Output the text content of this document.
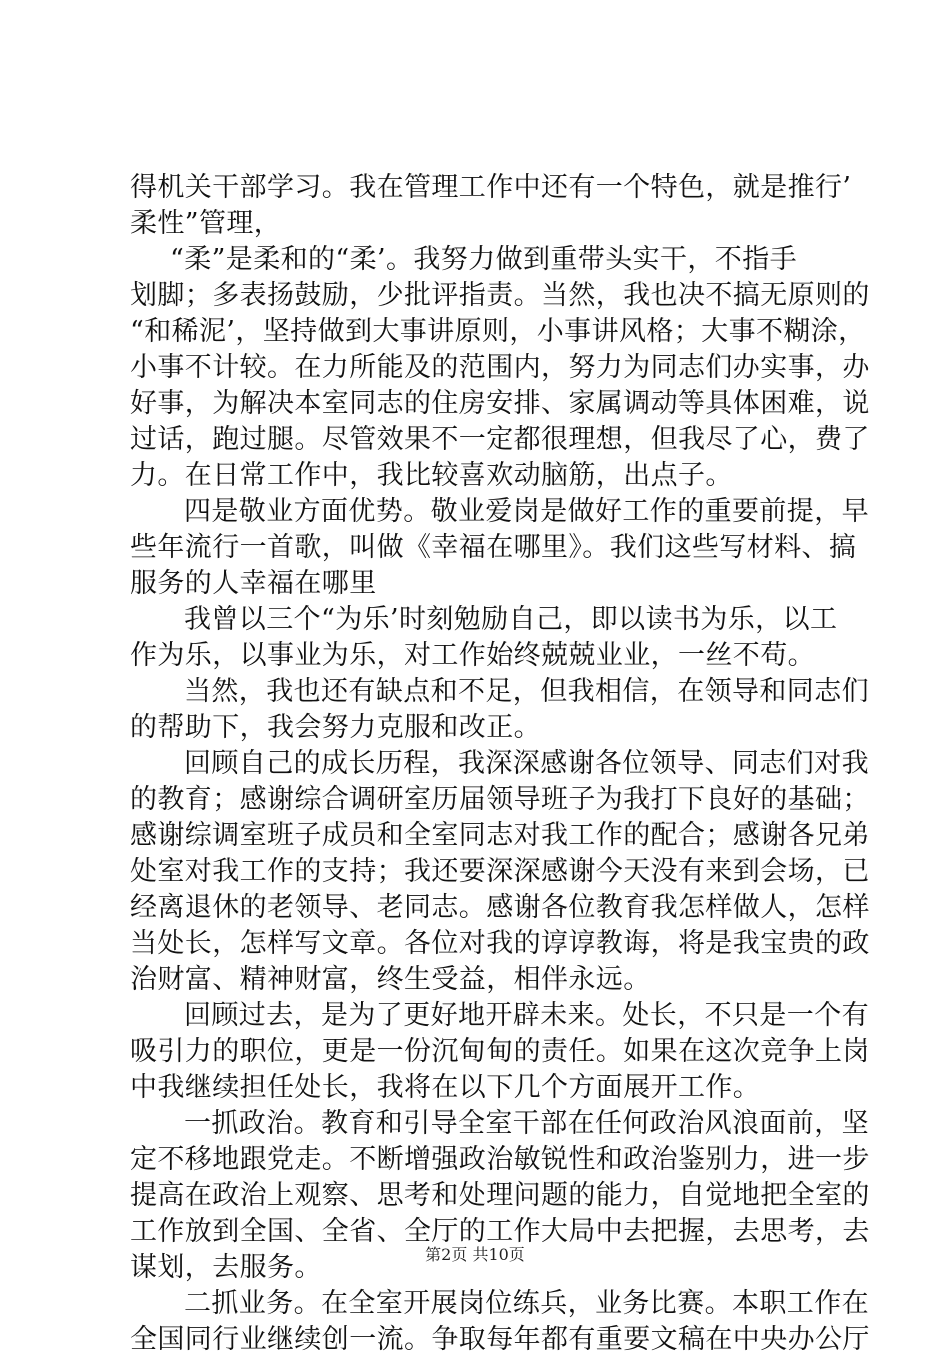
得机关干部学习。我在管理工作中还有一个特色，就是推行’
柔性”管理，
“柔”是柔和的“柔’。我努力做到重带头实干，不指手
划脚；多表扬鼓励，少批评指责。当然，我也决不搞无原则的
“和稀泥’，坚持做到大事讲原则，小事讲风格；大事不糊涂，
小事不计较。在力所能及的范围内，努力为同志们办实事，办
好事，为解决本室同志的住房安排、家属调动等具体困难，说
过话，跑过腿。尽管效果不一定都很理想，但我尽了心，费了
力。在日常工作中，我比较喜欢动脑筋，出点子。
四是敬业方面优势。敬业爱岗是做好工作的重要前提，早
些年流行一首歌，叫做《幸福在哪里》。我们这些写材料、搞
服务的人幸福在哪里
我曾以三个“为乐’时刻勉励自己，即以读书为乐，以工
作为乐，以事业为乐，对工作始终兢兢业业，一丝不苟。
当然，我也还有缺点和不足，但我相信，在领导和同志们
的帮助下，我会努力克服和改正。
回顾自己的成长历程，我深深感谢各位领导、同志们对我
的教育；感谢综合调研室历届领导班子为我打下良好的基础；
感谢综调室班子成员和全室同志对我工作的配合；感谢各兄弟
处室对我工作的支持；我还要深深感谢今天没有来到会场，已
经离退休的老领导、老同志。感谢各位教育我怎样做人，怎样
当处长，怎样写文章。各位对我的谆谆教诲，将是我宝贵的政
治财富、精神财富，终生受益，相伴永远。
回顾过去，是为了更好地开辟未来。处长，不只是一个有
吸引力的职位，更是一份沉甸甸的责任。如果在这次竞争上岗
中我继续担任处长，我将在以下几个方面展开工作。
一抓政治。教育和引导全室干部在任何政治风浪面前，坚
定不移地跟党走。不断增强政治敏锐性和政治鉴别力，进一步
提高在政治上观察、思考和处理问题的能力，自觉地把全室的
工作放到全国、全省、全厅的工作大局中去把握，去思考，去
谋划，去服务。
二抓业务。在全室开展岗位练兵，业务比赛。本职工作在
全国同行业继续创一流。争取每年都有重要文稿在中央办公厅
第2页 共10页
